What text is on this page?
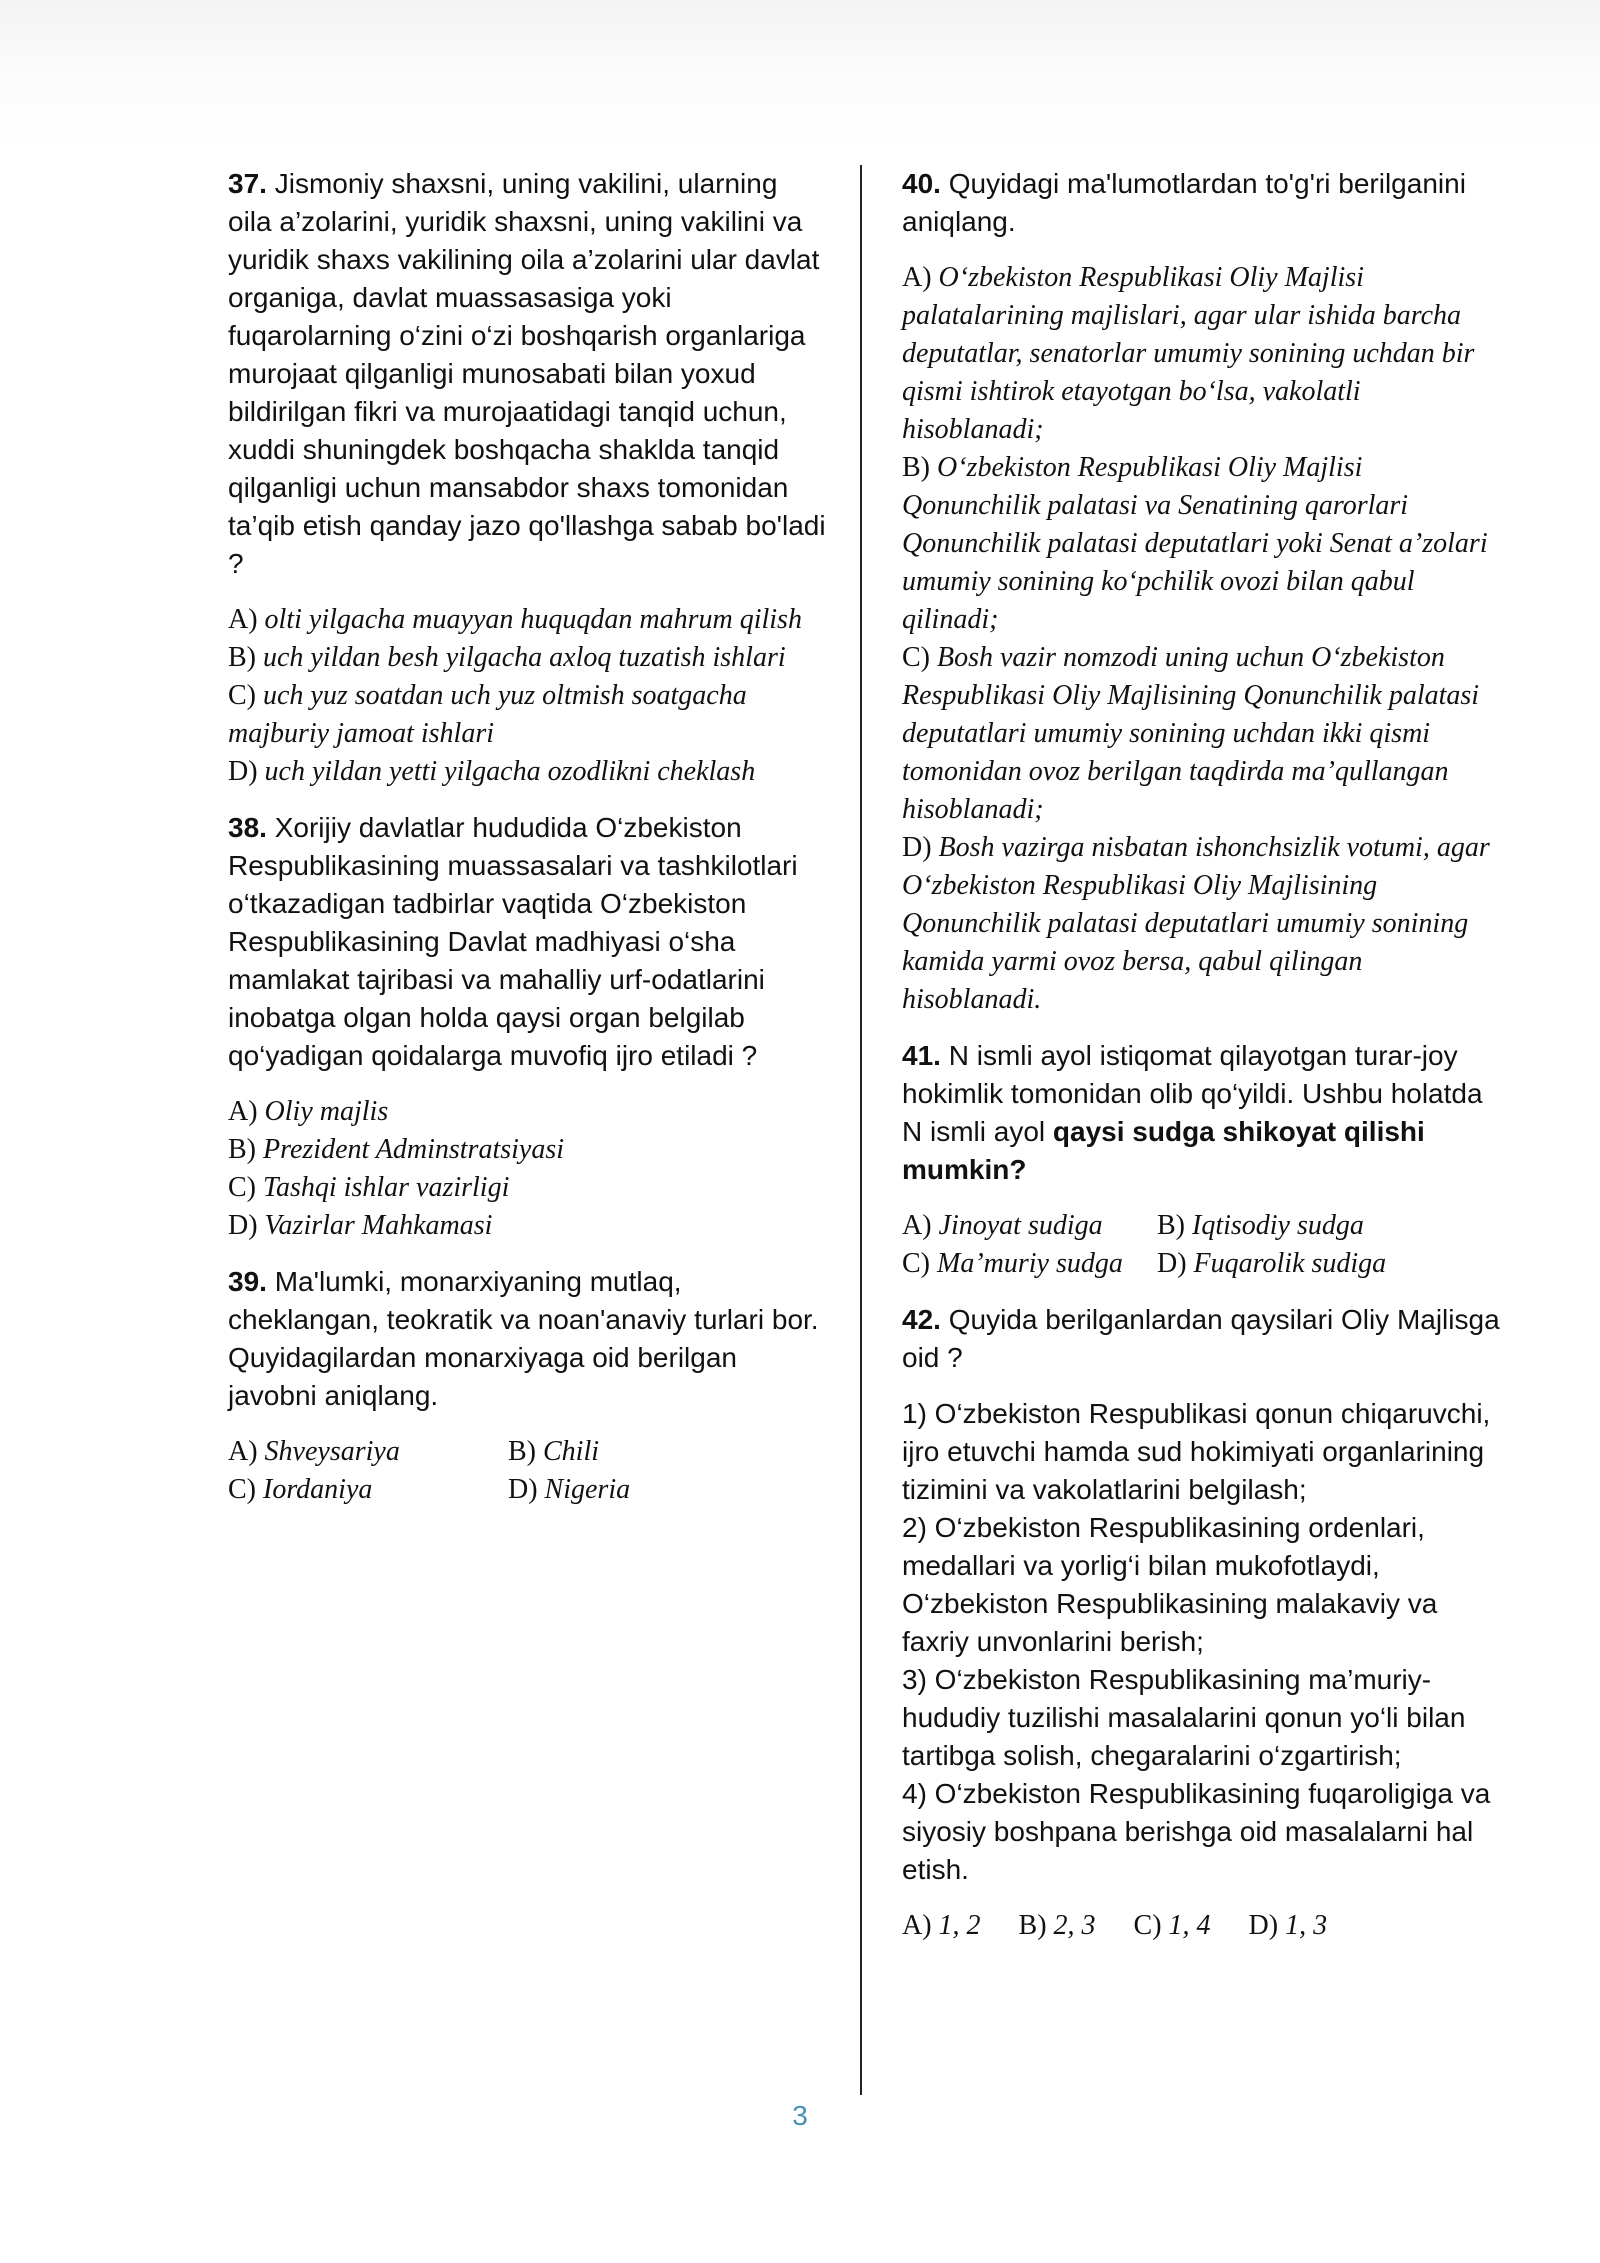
37. Jismoniy shaxsni, uning vakilini, ularning oila a’zolarini, yuridik shaxsni, uning vakilini va yuridik shaxs vakilining oila a’zolarini ular davlat organiga, davlat muassasasiga yoki fuqarolarning o‘zini o‘zi boshqarish organlariga murojaat qilganligi munosabati bilan yoxud bildirilgan fikri va murojaatidagi tanqid uchun, xuddi shuningdek boshqacha shaklda tanqid qilganligi uchun mansabdor shaxs tomonidan ta’qib etish qanday jazo qo'llashga sabab bo'ladi ?

A) olti yilgacha muayyan huquqdan mahrum qilish
B) uch yildan besh yilgacha axloq tuzatish ishlari
C) uch yuz soatdan uch yuz oltmish soatgacha majburiy jamoat ishlari
D) uch yildan yetti yilgacha ozodlikni cheklash

38. Xorijiy davlatlar hududida O‘zbekiston Respublikasining muassasalari va tashkilotlari o‘tkazadigan tadbirlar vaqtida O‘zbekiston Respublikasining Davlat madhiyasi o‘sha mamlakat tajribasi va mahalliy urf-odatlarini inobatga olgan holda qaysi organ belgilab qo‘yadigan qoidalarga muvofiq ijro etiladi ?

A) Oliy majlis
B) Prezident Adminstratsiyasi
C) Tashqi ishlar vazirligi
D) Vazirlar Mahkamasi

39. Ma'lumki, monarxiyaning mutlaq, cheklangan, teokratik va noan'anaviy turlari bor. Quyidagilardan monarxiyaga oid berilgan javobni aniqlang.

A) Shveysariya	B) Chili
C) Iordaniya	D) Nigeria

40. Quyidagi ma'lumotlardan to'g'ri berilganini aniqlang.

A) O‘zbekiston Respublikasi Oliy Majlisi palatalarining majlislari, agar ular ishida barcha deputatlar, senatorlar umumiy sonining uchdan bir qismi ishtirok etayotgan bo‘lsa, vakolatli hisoblanadi;
B) O‘zbekiston Respublikasi Oliy Majlisi Qonunchilik palatasi va Senatining qarorlari Qonunchilik palatasi deputatlari yoki Senat a’zolari umumiy sonining ko‘pchilik ovozi bilan qabul qilinadi;
C) Bosh vazir nomzodi uning uchun O‘zbekiston Respublikasi Oliy Majlisining Qonunchilik palatasi deputatlari umumiy sonining uchdan ikki qismi tomonidan ovoz berilgan taqdirda ma’qullangan hisoblanadi;
D) Bosh vazirga nisbatan ishonchsizlik votumi, agar O‘zbekiston Respublikasi Oliy Majlisining Qonunchilik palatasi deputatlari umumiy sonining kamida yarmi ovoz bersa, qabul qilingan hisoblanadi.

41. N ismli ayol istiqomat qilayotgan turar-joy hokimlik tomonidan olib qo‘yildi. Ushbu holatda N ismli ayol qaysi sudga shikoyat qilishi mumkin?

A) Jinoyat sudiga	B) Iqtisodiy sudga
C) Ma’muriy sudga	D) Fuqarolik sudiga

42. Quyida berilganlardan qaysilari Oliy Majlisga oid ?

1) O‘zbekiston Respublikasi qonun chiqaruvchi, ijro etuvchi hamda sud hokimiyati organlarining tizimini va vakolatlarini belgilash;

2) O‘zbekiston Respublikasining ordenlari, medallari va yorlig‘i bilan mukofotlaydi, O‘zbekiston Respublikasining malakaviy va faxriy unvonlarini berish;

3) O‘zbekiston Respublikasining ma’muriy-hududiy tuzilishi masalalarini qonun yo‘li bilan tartibga solish, chegaralarini o‘zgartirish;

4) O‘zbekiston Respublikasining fuqaroligiga va siyosiy boshpana berishga oid masalalarni hal etish.

A) 1, 2 B) 2, 3 C) 1, 4 D) 1, 3
3
